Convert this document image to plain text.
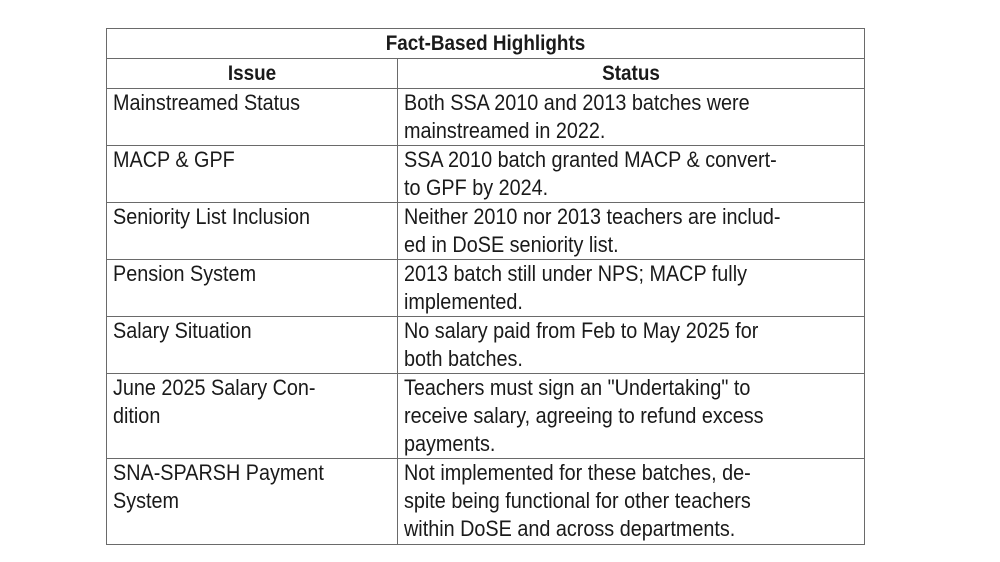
Fact-Based Highlights	
Issue	Status
Mainstreamed Status	Both SSA 2010 and 2013 batches were
mainstreamed in 2022.
MACP & GPF	SSA 2010 batch granted MACP & convert-
to GPF by 2024.
Seniority List Inclusion	Neither 2010 nor 2013 teachers are includ-
ed in DoSE seniority list.
Pension System	2013 batch still under NPS; MACP fully
implemented.
Salary Situation	No salary paid from Feb to May 2025 for
both batches.
June 2025 Salary Con-
dition	Teachers must sign an "Undertaking" to
receive salary, agreeing to refund excess
payments.
SNA-SPARSH Payment
System	Not implemented for these batches, de-
spite being functional for other teachers
within DoSE and across departments.
